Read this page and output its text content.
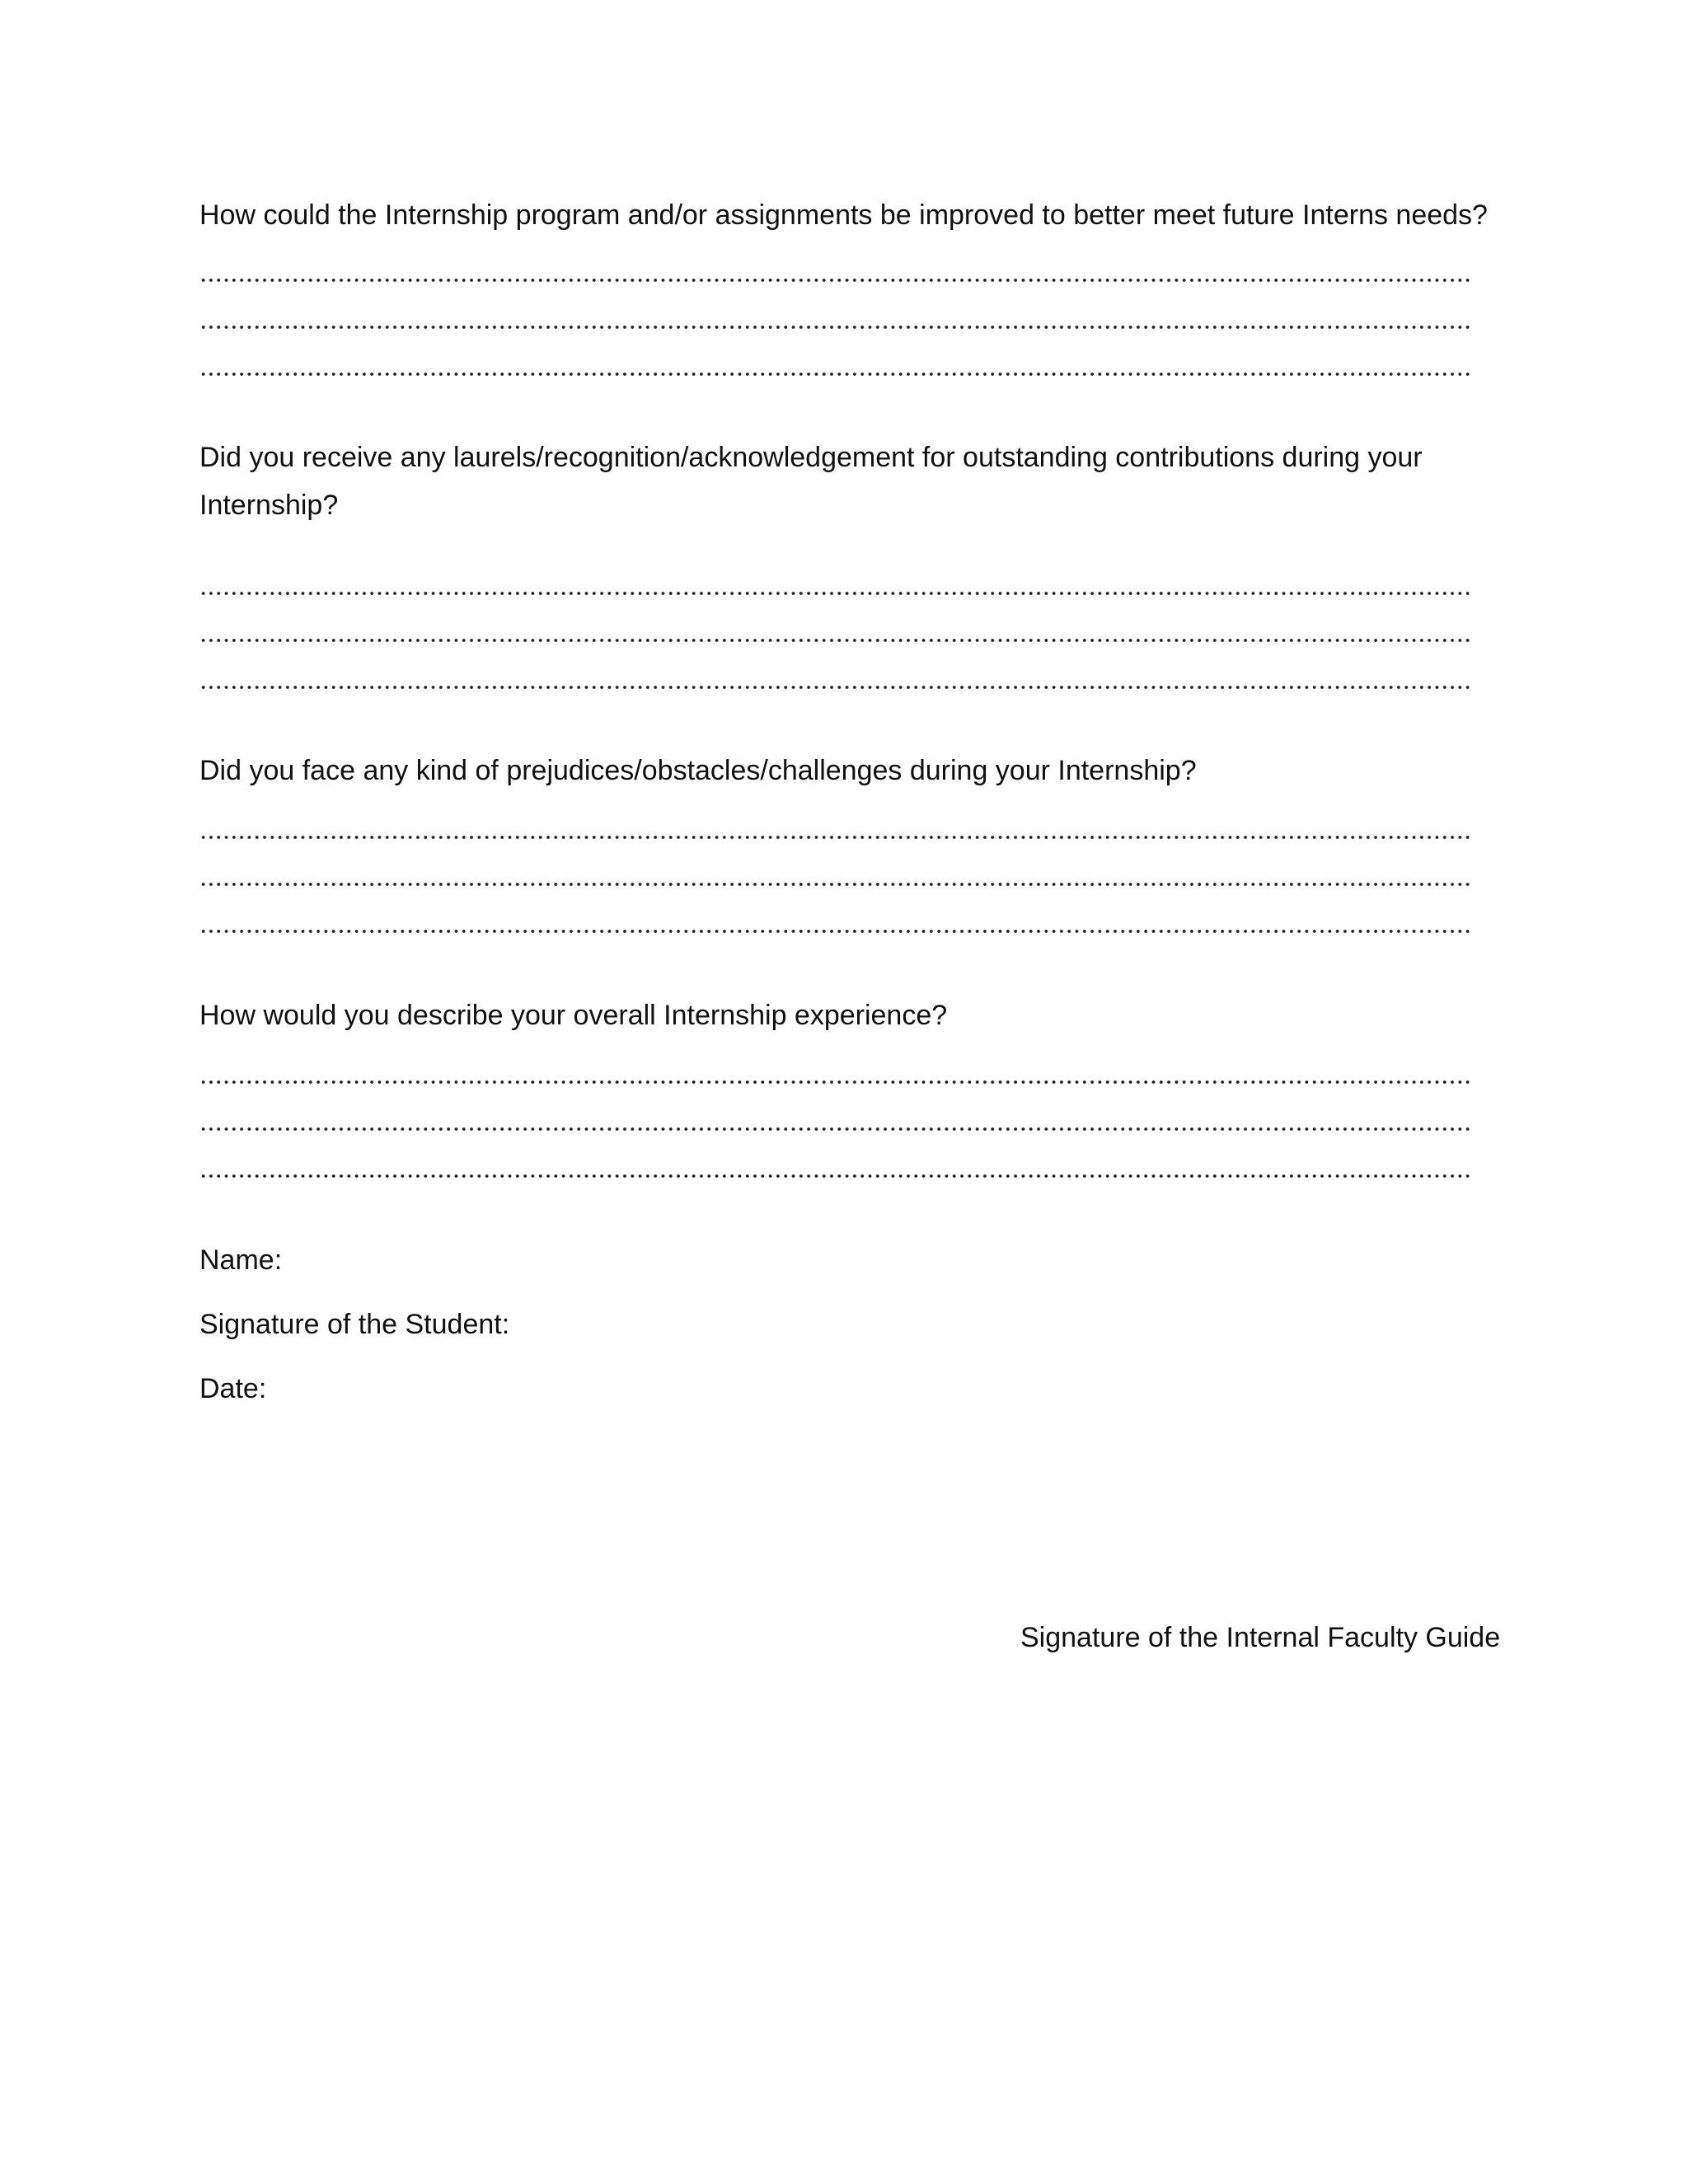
How could the Internship program and/or assignments be improved to better meet future Interns needs?
Did you receive any laurels/recognition/acknowledgement for outstanding contributions during your Internship?
Did you face any kind of prejudices/obstacles/challenges during your Internship?
How would you describe your overall Internship experience?
Name:
Signature of the Student:
Date:
Signature of the Internal Faculty Guide
